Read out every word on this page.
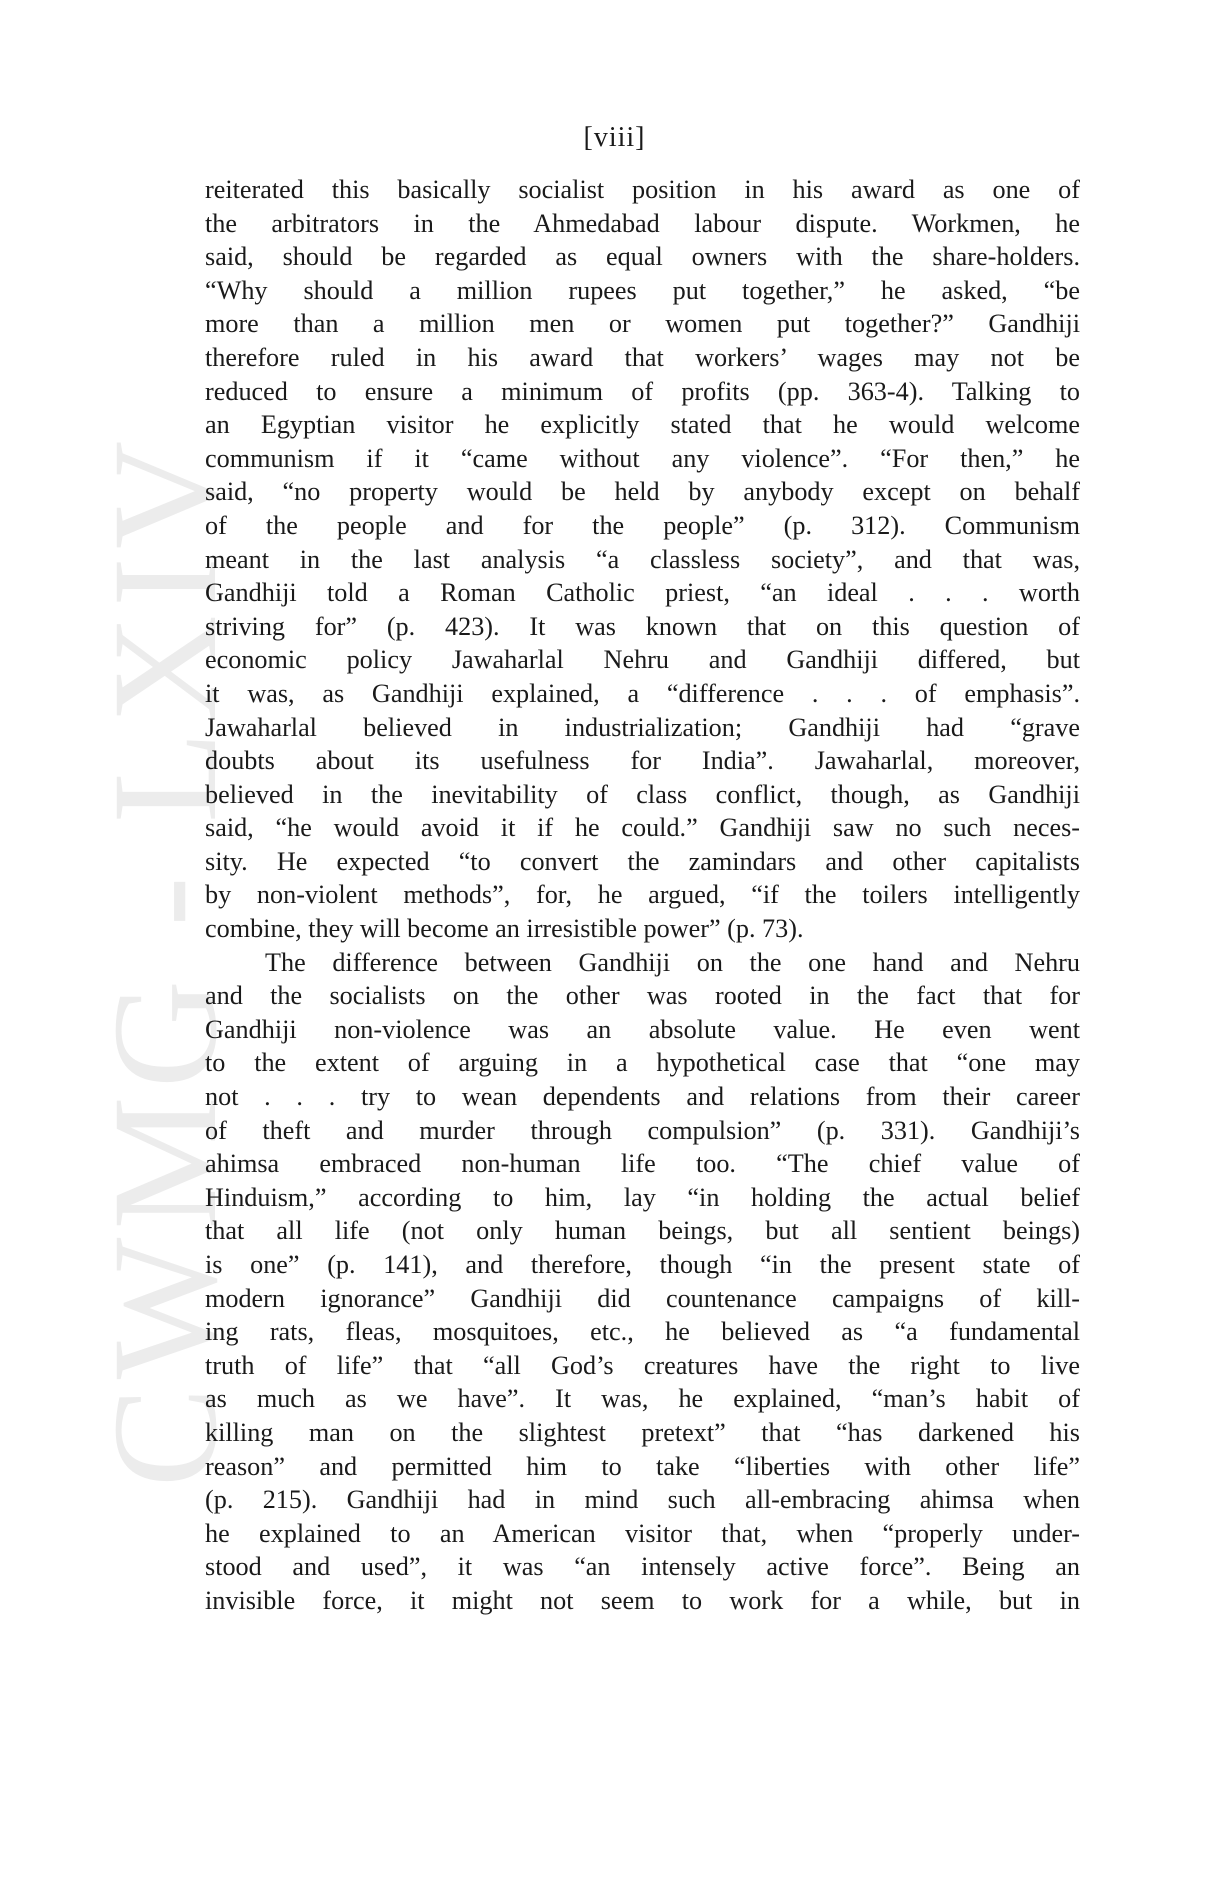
CWMG - LXIV
[viii]
reiterated this basically socialist position in his award as one of
the arbitrators in the Ahmedabad labour dispute. Workmen, he
said, should be regarded as equal owners with the share-holders.
“Why should a million rupees put together,” he asked, “be
more than a million men or women put together?” Gandhiji
therefore ruled in his award that workers’ wages may not be
reduced to ensure a minimum of profits (pp. 363-4). Talking to
an Egyptian visitor he explicitly stated that he would welcome
communism if it “came without any violence”. “For then,” he
said, “no property would be held by anybody except on behalf
of the people and for the people” (p. 312). Communism
meant in the last analysis “a classless society”, and that was,
Gandhiji told a Roman Catholic priest, “an ideal . . . worth
striving for” (p. 423). It was known that on this question of
economic policy Jawaharlal Nehru and Gandhiji differed, but
it was, as Gandhiji explained, a “difference . . . of emphasis”.
Jawaharlal believed in industrialization; Gandhiji had “grave
doubts about its usefulness for India”. Jawaharlal, moreover,
believed in the inevitability of class conflict, though, as Gandhiji
said, “he would avoid it if he could.” Gandhiji saw no such neces-
sity. He expected “to convert the zamindars and other capitalists
by non-violent methods”, for, he argued, “if the toilers intelligently
combine, they will become an irresistible power” (p. 73).
The difference between Gandhiji on the one hand and Nehru
and the socialists on the other was rooted in the fact that for
Gandhiji non-violence was an absolute value. He even went
to the extent of arguing in a hypothetical case that “one may
not . . . try to wean dependents and relations from their career
of theft and murder through compulsion” (p. 331). Gandhiji’s
ahimsa embraced non-human life too. “The chief value of
Hinduism,” according to him, lay “in holding the actual belief
that all life (not only human beings, but all sentient beings)
is one” (p. 141), and therefore, though “in the present state of
modern ignorance” Gandhiji did countenance campaigns of kill-
ing rats, fleas, mosquitoes, etc., he believed as “a fundamental
truth of life” that “all God’s creatures have the right to live
as much as we have”. It was, he explained, “man’s habit of
killing man on the slightest pretext” that “has darkened his
reason” and permitted him to take “liberties with other life”
(p. 215). Gandhiji had in mind such all-embracing ahimsa when
he explained to an American visitor that, when “properly under-
stood and used”, it was “an intensely active force”. Being an
invisible force, it might not seem to work for a while, but in
